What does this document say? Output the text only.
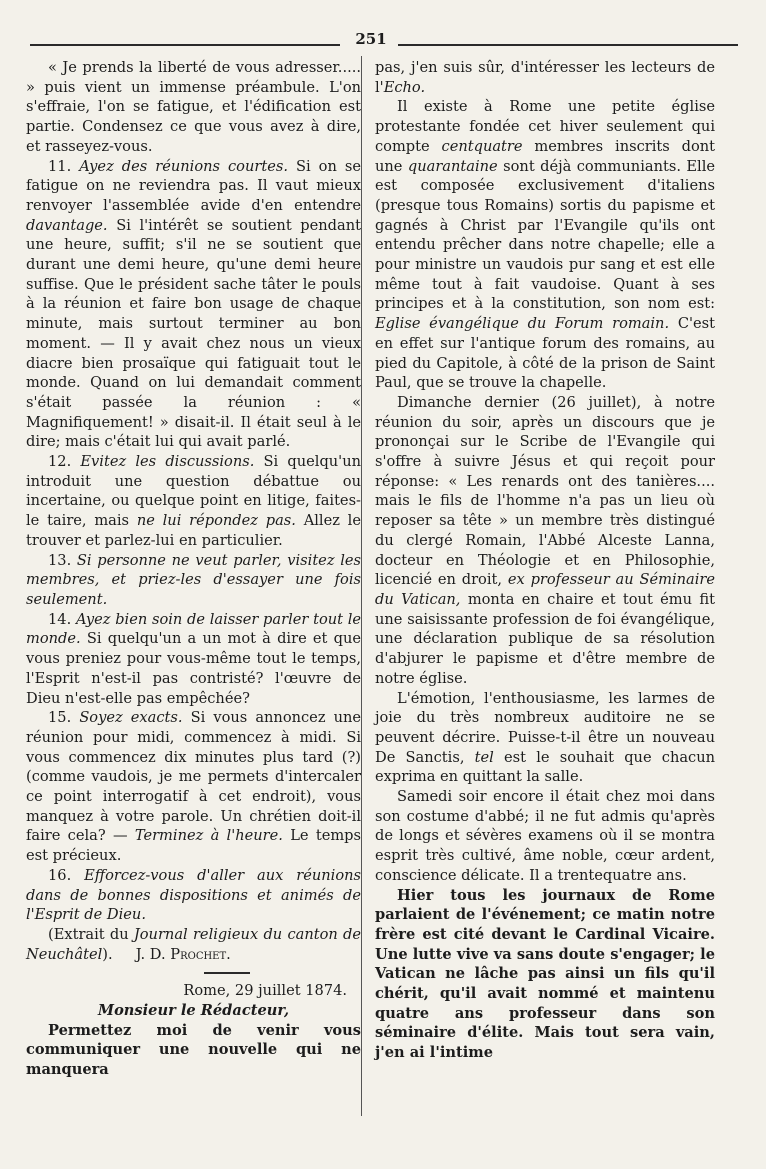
251

« Je prends la liberté de vous adresser..... » puis vient un immense préambule. L'on s'effraie, l'on se fatigue, et l'édification est partie. Condensez ce que vous avez à dire, et rasseyez-vous.

11. Ayez des réunions courtes. Si on se fatigue on ne reviendra pas. Il vaut mieux renvoyer l'assemblée avide d'en entendre davantage. Si l'intérêt se soutient pendant une heure, suffit; s'il ne se soutient que durant une demi heure, qu'une demi heure suffise. Que le président sache tâter le pouls à la réunion et faire bon usage de chaque minute, mais surtout terminer au bon moment. — Il y avait chez nous un vieux diacre bien prosaïque qui fatiguait tout le monde. Quand on lui demandait comment s'était passée la réunion : « Magnifiquement! » disait-il. Il était seul à le dire; mais c'était lui qui avait parlé.

12. Evitez les discussions. Si quelqu'un introduit une question débattue ou incertaine, ou quelque point en litige, faites-le taire, mais ne lui répondez pas. Allez le trouver et parlez-lui en particulier.

13. Si personne ne veut parler, visitez les membres, et priez-les d'essayer une fois seulement.

14. Ayez bien soin de laisser parler tout le monde. Si quelqu'un a un mot à dire et que vous preniez pour vous-même tout le temps, l'Esprit n'est-il pas contristé? l'œuvre de Dieu n'est-elle pas empêchée?

15. Soyez exacts. Si vous annoncez une réunion pour midi, commencez à midi. Si vous commencez dix minutes plus tard (?) (comme vaudois, je me permets d'intercaler ce point interrogatif à cet endroit), vous manquez à votre parole. Un chrétien doit-il faire cela? — Terminez à l'heure. Le temps est précieux.

16. Efforcez-vous d'aller aux réunions dans de bonnes dispositions et animés de l'Esprit de Dieu.

(Extrait du Journal religieux du canton de Neuchâtel). J. D. Prochet.

Rome, 29 juillet 1874.

Monsieur le Rédacteur,

Permettez moi de venir vous communiquer une nouvelle qui ne manquera

pas, j'en suis sûr, d'intéresser les lecteurs de l'Echo.

Il existe à Rome une petite église protestante fondée cet hiver seulement qui compte centquatre membres inscrits dont une quarantaine sont déjà communiants. Elle est composée exclusivement d'italiens (presque tous Romains) sortis du papisme et gagnés à Christ par l'Evangile qu'ils ont entendu prêcher dans notre chapelle; elle a pour ministre un vaudois pur sang et est elle même tout à fait vaudoise. Quant à ses principes et à la constitution, son nom est: Eglise évangélique du Forum romain. C'est en effet sur l'antique forum des romains, au pied du Capitole, à côté de la prison de Saint Paul, que se trouve la chapelle.

Dimanche dernier (26 juillet), à notre réunion du soir, après un discours que je prononçai sur le Scribe de l'Evangile qui s'offre à suivre Jésus et qui reçoit pour réponse: « Les renards ont des tanières.... mais le fils de l'homme n'a pas un lieu où reposer sa tête » un membre très distingué du clergé Romain, l'Abbé Alceste Lanna, docteur en Théologie et en Philosophie, licencié en droit, ex professeur au Séminaire du Vatican, monta en chaire et tout ému fit une saisissante profession de foi évangélique, une déclaration publique de sa résolution d'abjurer le papisme et d'être membre de notre église.

L'émotion, l'enthousiasme, les larmes de joie du très nombreux auditoire ne se peuvent décrire. Puisse-t-il être un nouveau De Sanctis, tel est le souhait que chacun exprima en quittant la salle.

Samedi soir encore il était chez moi dans son costume d'abbé; il ne fut admis qu'après de longs et sévères examens où il se montra esprit très cultivé, âme noble, cœur ardent, conscience délicate. Il a trentequatre ans.

Hier tous les journaux de Rome parlaient de l'événement; ce matin notre frère est cité devant le Cardinal Vicaire. Une lutte vive va sans doute s'engager; le Vatican ne lâche pas ainsi un fils qu'il chérit, qu'il avait nommé et maintenu quatre ans professeur dans son séminaire d'élite. Mais tout sera vain, j'en ai l'intime
